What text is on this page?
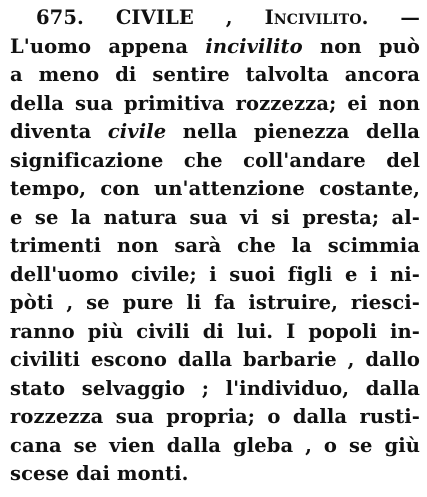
675. CIVILE , Incivilito. —
L'uomo appena incivilito non può
a meno di sentire talvolta ancora
della sua primitiva rozzezza; ei non
diventa civile nella pienezza della
significazione che coll'andare del
tempo, con un'attenzione costante,
e se la natura sua vi si presta; al-
trimenti non sarà che la scimmia
dell'uomo civile; i suoi figli e i ni-
pòti , se pure li fa istruire, riesci-
ranno più civili di lui. I popoli in-
civiliti escono dalla barbarie , dallo
stato selvaggio ; l'individuo, dalla
rozzezza sua propria; o dalla rusti-
cana se vien dalla gleba , o se giù
scese dai monti.
